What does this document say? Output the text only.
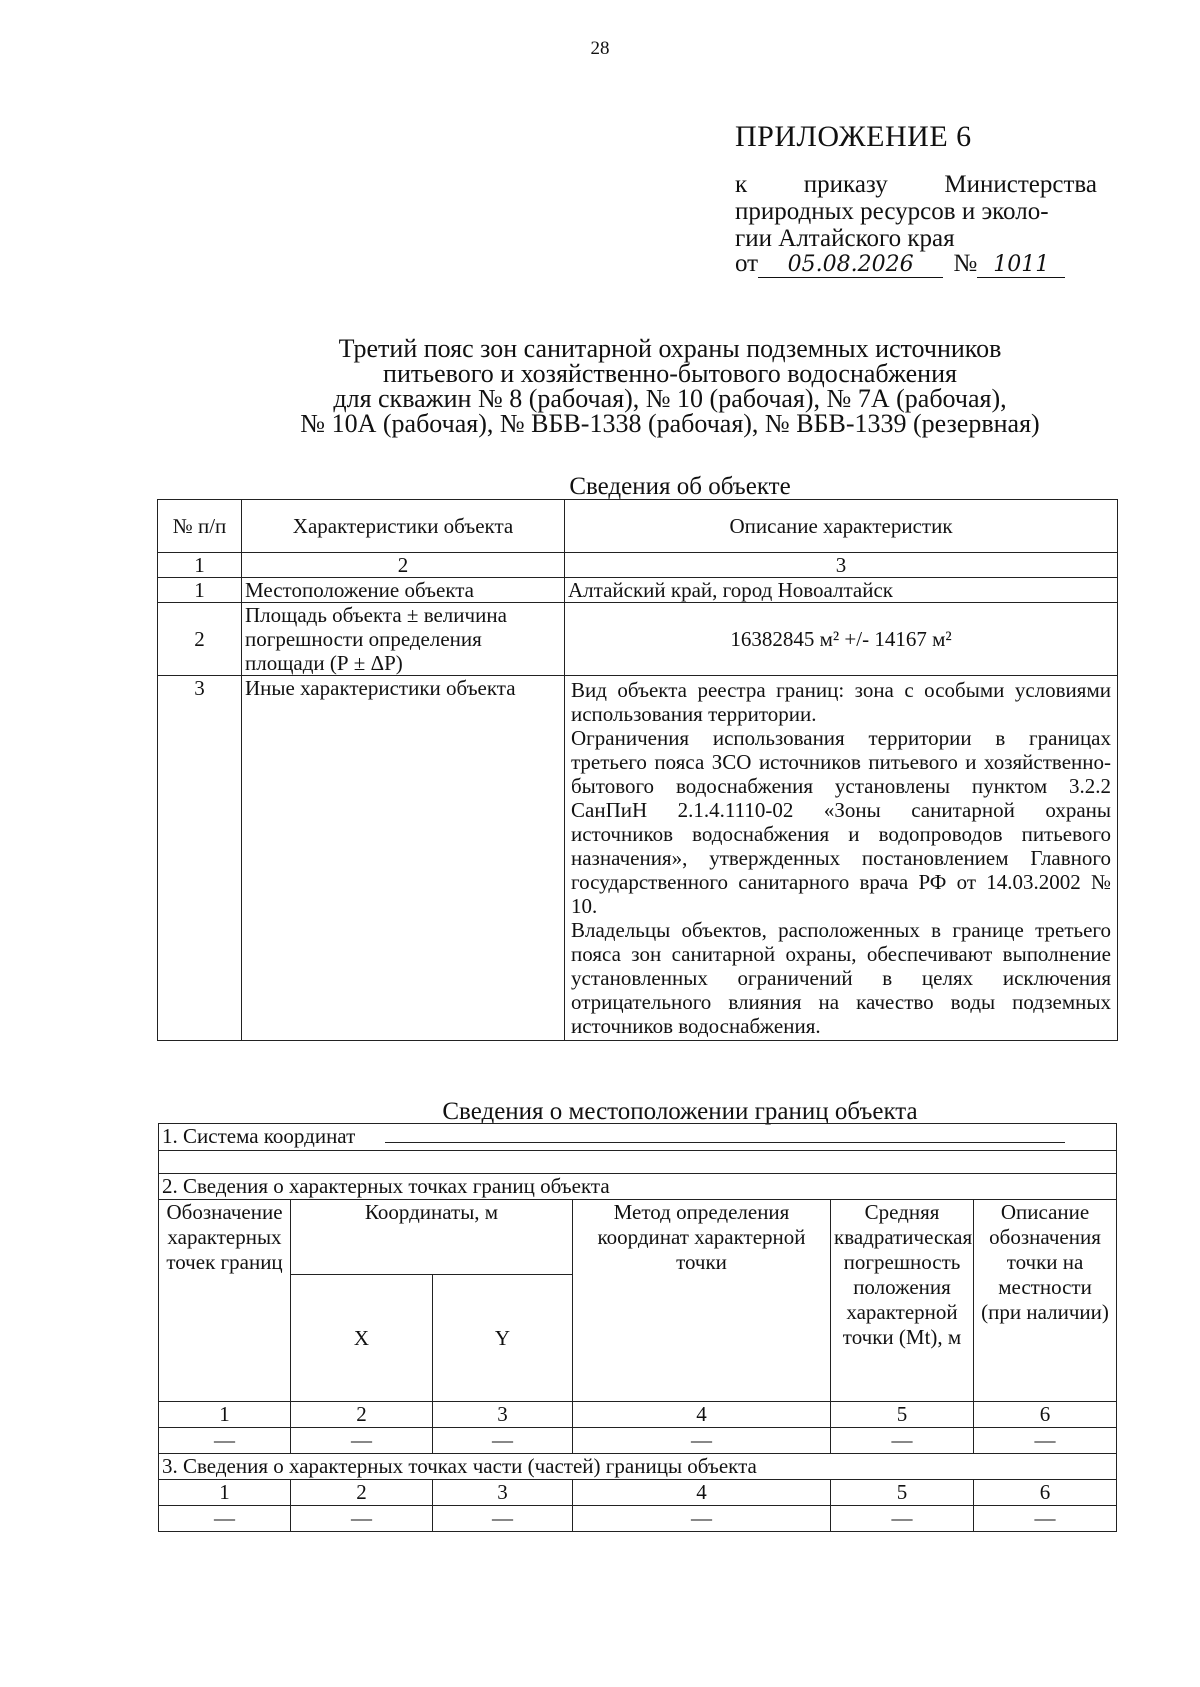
28
ПРИЛОЖЕНИЕ 6
к приказу Министерства
природных ресурсов и эколо-
гии Алтайского края
от 05.08.2026 № 1011
Третий пояс зон санитарной охраны подземных источников
питьевого и хозяйственно-бытового водоснабжения
для скважин № 8 (рабочая), № 10 (рабочая), № 7А (рабочая),
№ 10А (рабочая), № ВБВ-1338 (рабочая), № ВБВ-1339 (резервная)
Сведения об объекте
№ п/п	Характеристики объекта	Описание характеристик
1	2	3
1	Местоположение объекта	Алтайский край, город Новоалтайск
2	Площадь объекта ± величина погрешности определения площади (Р ± ΔР)	16382845 м² +/- 14167 м²
3	Иные характеристики объекта	Вид объекта реестра границ: зона с особыми условиями использования территории.

Ограничения использования территории в границах третьего пояса ЗСО источников питьевого и хозяйственно-бытового водоснабжения установлены пунктом 3.2.2 СанПиН 2.1.4.1110-02 «Зоны санитарной охраны источников водоснабжения и водопроводов питьевого назначения», утвержденных постановлением Главного государственного санитарного врача РФ от 14.03.2002 № 10.

Владельцы объектов, расположенных в границе третьего пояса зон санитарной охраны, обеспечивают выполнение установленных ограничений в целях исключения отрицательного влияния на качество воды подземных источников водоснабжения.

Сведения о местоположении границ объекта
1. Система координат					

2. Сведения о характерных точках границ объекта					
Обозначение характерных точек границ	Координаты, м		Метод определения координат характерной точки	Средняя квадратическая погрешность положения характерной точки (Mt), м	Описание обозначения точки на местности (при наличии)
	X	Y			
1	2	3	4	5	6
—	—	—	—	—	—
3. Сведения о характерных точках части (частей) границы объекта					
1	2	3	4	5	6
—	—	—	—	—	—
